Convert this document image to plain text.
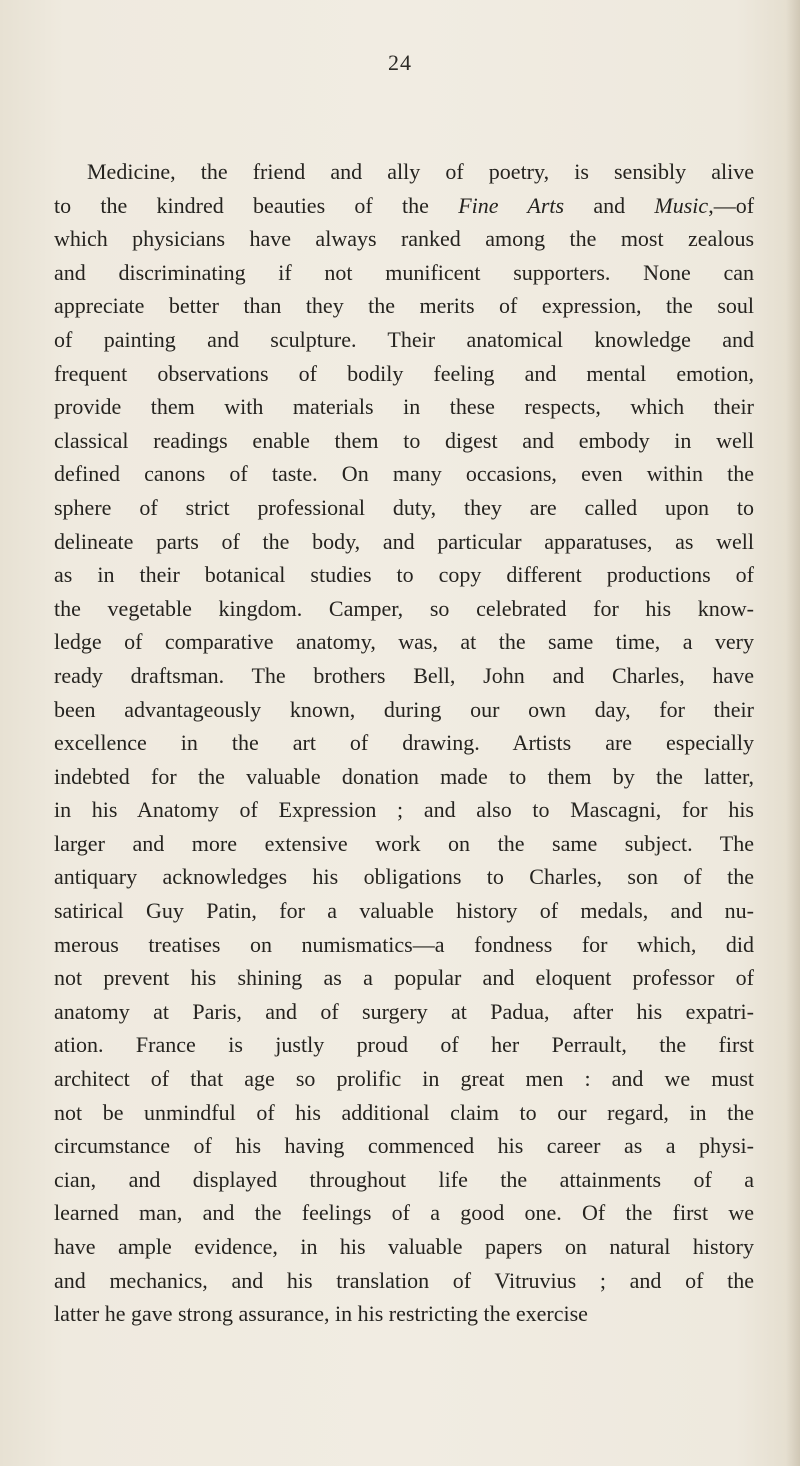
24
Medicine, the friend and ally of poetry, is sensibly alive
to the kindred beauties of the Fine Arts and Music,—of
which physicians have always ranked among the most zealous
and discriminating if not munificent supporters. None can
appreciate better than they the merits of expression, the soul
of painting and sculpture. Their anatomical knowledge and
frequent observations of bodily feeling and mental emotion,
provide them with materials in these respects, which their
classical readings enable them to digest and embody in well
defined canons of taste. On many occasions, even within the
sphere of strict professional duty, they are called upon to
delineate parts of the body, and particular apparatuses, as well
as in their botanical studies to copy different productions of
the vegetable kingdom. Camper, so celebrated for his know-
ledge of comparative anatomy, was, at the same time, a very
ready draftsman. The brothers Bell, John and Charles, have
been advantageously known, during our own day, for their
excellence in the art of drawing. Artists are especially
indebted for the valuable donation made to them by the latter,
in his Anatomy of Expression ; and also to Mascagni, for his
larger and more extensive work on the same subject. The
antiquary acknowledges his obligations to Charles, son of the
satirical Guy Patin, for a valuable history of medals, and nu-
merous treatises on numismatics—a fondness for which, did
not prevent his shining as a popular and eloquent professor of
anatomy at Paris, and of surgery at Padua, after his expatri-
ation. France is justly proud of her Perrault, the first
architect of that age so prolific in great men : and we must
not be unmindful of his additional claim to our regard, in the
circumstance of his having commenced his career as a physi-
cian, and displayed throughout life the attainments of a
learned man, and the feelings of a good one. Of the first we
have ample evidence, in his valuable papers on natural history
and mechanics, and his translation of Vitruvius ; and of the
latter he gave strong assurance, in his restricting the exercise
